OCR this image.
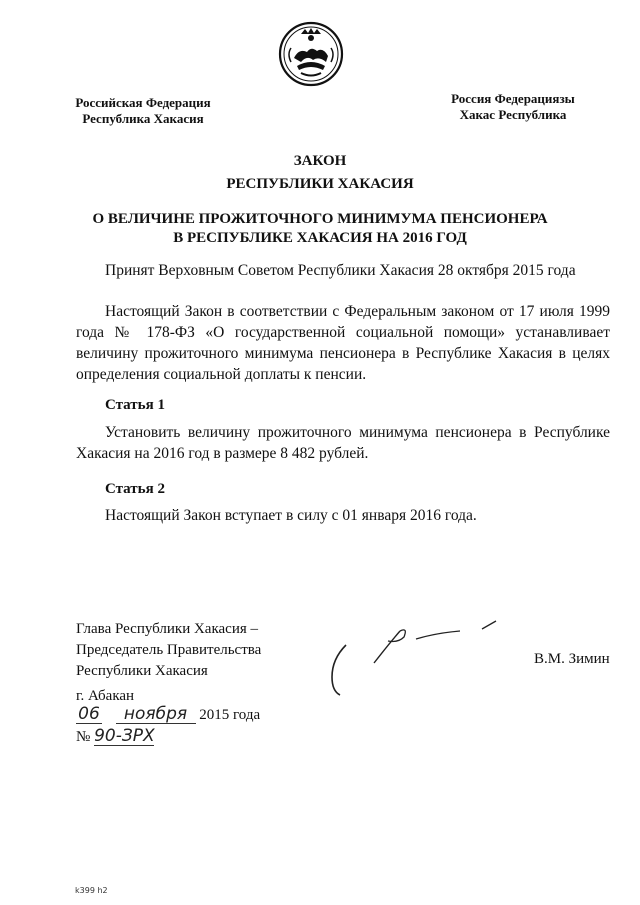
Российская Федерация
Республика Хакасия
Россия Федерациязы
Хакас Республика
ЗАКОН
РЕСПУБЛИКИ ХАКАСИЯ
О ВЕЛИЧИНЕ ПРОЖИТОЧНОГО МИНИМУМА ПЕНСИОНЕРА
В РЕСПУБЛИКЕ ХАКАСИЯ НА 2016 ГОД
Принят Верховным Советом Республики Хакасия 28 октября 2015 года
Настоящий Закон в соответствии с Федеральным законом от 17 июля 1999 года № 178-ФЗ «О государственной социальной помощи» устанавливает величину прожиточного минимума пенсионера в Республике Хакасия в целях определения социальной доплаты к пенсии.
Статья 1
Установить величину прожиточного минимума пенсионера в Республике Хакасия на 2016 год в размере 8 482 рублей.
Статья 2
Настоящий Закон вступает в силу с 01 января 2016 года.
Глава Республики Хакасия –
Председатель Правительства
Республики Хакасия
В.М. Зимин
г. Абакан
06 ноября 2015 года
№ 90-ЗРХ
k399 h2
